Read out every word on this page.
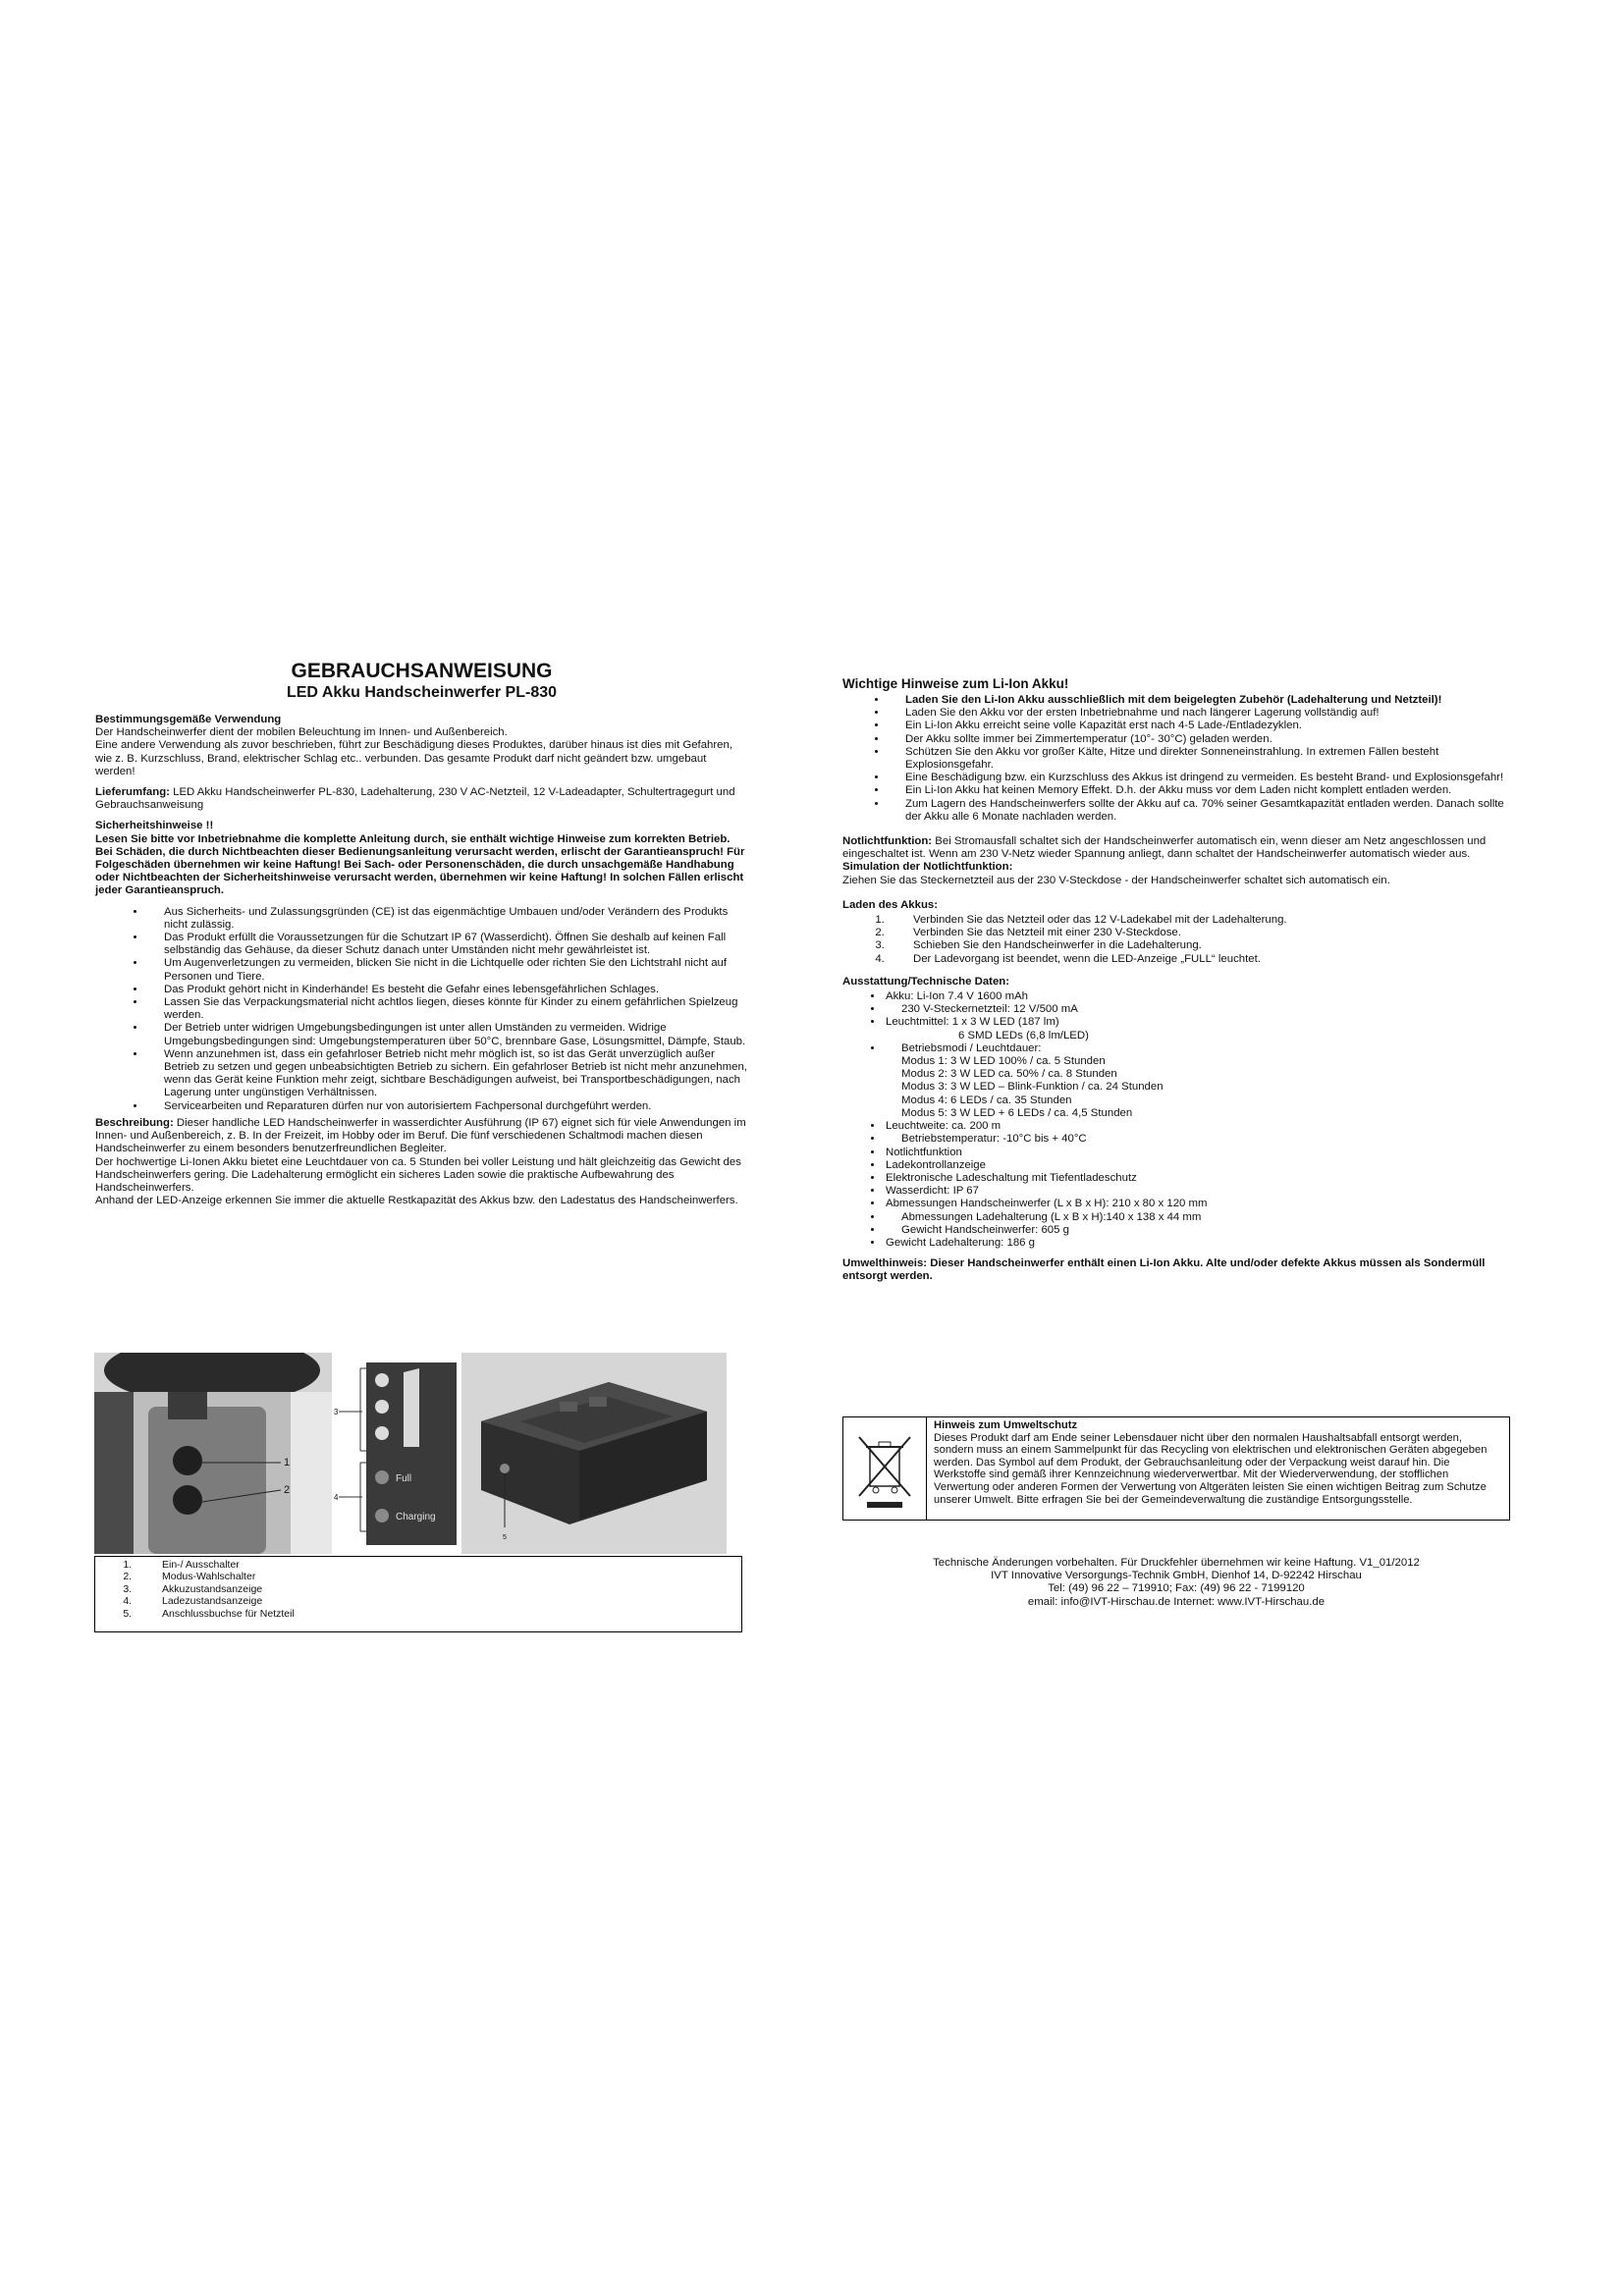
GEBRAUCHSANWEISUNG

LED Akku Handscheinwerfer PL-830

Bestimmungsgemäße Verwendung

Der Handscheinwerfer dient der mobilen Beleuchtung im Innen- und Außenbereich.

Eine andere Verwendung als zuvor beschrieben, führt zur Beschädigung dieses Produktes, darüber hinaus ist dies mit Gefahren, wie z. B. Kurzschluss, Brand, elektrischer Schlag etc.. verbunden. Das gesamte Produkt darf nicht geändert bzw. umgebaut werden!

Lieferumfang: LED Akku Handscheinwerfer PL-830, Ladehalterung, 230 V AC-Netzteil, 12 V-Ladeadapter, Schultertragegurt und Gebrauchsanweisung

Sicherheitshinweise !!

Lesen Sie bitte vor Inbetriebnahme die komplette Anleitung durch, sie enthält wichtige Hinweise zum korrekten Betrieb. Bei Schäden, die durch Nichtbeachten dieser Bedienungsanleitung verursacht werden, erlischt der Garantieanspruch! Für Folgeschäden übernehmen wir keine Haftung! Bei Sach- oder Personenschäden, die durch unsachgemäße Handhabung oder Nichtbeachten der Sicherheitshinweise verursacht werden, übernehmen wir keine Haftung! In solchen Fällen erlischt jeder Garantieanspruch.

• Aus Sicherheits- und Zulassungsgründen (CE) ist das eigenmächtige Umbauen und/oder Verändern des Produkts nicht zulässig.
• Das Produkt erfüllt die Voraussetzungen für die Schutzart IP 67 (Wasserdicht). Öffnen Sie deshalb auf keinen Fall selbständig das Gehäuse, da dieser Schutz danach unter Umständen nicht mehr gewährleistet ist.
• Um Augenverletzungen zu vermeiden, blicken Sie nicht in die Lichtquelle oder richten Sie den Lichtstrahl nicht auf Personen und Tiere.
• Das Produkt gehört nicht in Kinderhände! Es besteht die Gefahr eines lebensgefährlichen Schlages.
• Lassen Sie das Verpackungsmaterial nicht achtlos liegen, dieses könnte für Kinder zu einem gefährlichen Spielzeug werden.
• Der Betrieb unter widrigen Umgebungsbedingungen ist unter allen Umständen zu vermeiden. Widrige Umgebungsbedingungen sind: Umgebungstemperaturen über 50°C, brennbare Gase, Lösungsmittel, Dämpfe, Staub.
• Wenn anzunehmen ist, dass ein gefahrloser Betrieb nicht mehr möglich ist, so ist das Gerät unverzüglich außer Betrieb zu setzen und gegen unbeabsichtigten Betrieb zu sichern. Ein gefahrloser Betrieb ist nicht mehr anzunehmen, wenn das Gerät keine Funktion mehr zeigt, sichtbare Beschädigungen aufweist, bei Transportbeschädigungen, nach Lagerung unter ungünstigen Verhältnissen.
• Servicearbeiten und Reparaturen dürfen nur von autorisiertem Fachpersonal durchgeführt werden.

Beschreibung: Dieser handliche LED Handscheinwerfer in wasserdichter Ausführung (IP 67) eignet sich für viele Anwendungen im Innen- und Außenbereich, z. B. In der Freizeit, im Hobby oder im Beruf. Die fünf verschiedenen Schaltmodi machen diesen Handscheinwerfer zu einem besonders benutzerfreundlichen Begleiter.

Der hochwertige Li-Ionen Akku bietet eine Leuchtdauer von ca. 5 Stunden bei voller Leistung und hält gleichzeitig das Gewicht des Handscheinwerfers gering. Die Ladehalterung ermöglicht ein sicheres Laden sowie die praktische Aufbewahrung des Handscheinwerfers.

Anhand der LED-Anzeige erkennen Sie immer die aktuelle Restkapazität des Akkus bzw. den Ladestatus des Handscheinwerfers.

1
2
3
4
Full
Charging
5
1. Ein-/ Ausschalter
2. Modus-Wahlschalter
3. Akkuzustandsanzeige
4. Ladezustandsanzeige
5. Anschlussbuchse für Netzteil

Wichtige Hinweise zum Li-Ion Akku!

• Laden Sie den Li-Ion Akku ausschließlich mit dem beigelegten Zubehör (Ladehalterung und Netzteil)!
• Laden Sie den Akku vor der ersten Inbetriebnahme und nach längerer Lagerung vollständig auf!
• Ein Li-Ion Akku erreicht seine volle Kapazität erst nach 4-5 Lade-/Entladezyklen.
• Der Akku sollte immer bei Zimmertemperatur (10°- 30°C) geladen werden.
• Schützen Sie den Akku vor großer Kälte, Hitze und direkter Sonneneinstrahlung. In extremen Fällen besteht Explosionsgefahr.
• Eine Beschädigung bzw. ein Kurzschluss des Akkus ist dringend zu vermeiden. Es besteht Brand- und Explosionsgefahr!
• Ein Li-Ion Akku hat keinen Memory Effekt. D.h. der Akku muss vor dem Laden nicht komplett entladen werden.
• Zum Lagern des Handscheinwerfers sollte der Akku auf ca. 70% seiner Gesamtkapazität entladen werden. Danach sollte der Akku alle 6 Monate nachladen werden.

Notlichtfunktion: Bei Stromausfall schaltet sich der Handscheinwerfer automatisch ein, wenn dieser am Netz angeschlossen und eingeschaltet ist. Wenn am 230 V-Netz wieder Spannung anliegt, dann schaltet der Handscheinwerfer automatisch wieder aus.

Simulation der Notlichtfunktion:

Ziehen Sie das Steckernetzteil aus der 230 V-Steckdose - der Handscheinwerfer schaltet sich automatisch ein.

Laden des Akkus:

1. Verbinden Sie das Netzteil oder das 12 V-Ladekabel mit der Ladehalterung.
2. Verbinden Sie das Netzteil mit einer 230 V-Steckdose.
3. Schieben Sie den Handscheinwerfer in die Ladehalterung.
4. Der Ladevorgang ist beendet, wenn die LED-Anzeige „FULL“ leuchtet.

Ausstattung/Technische Daten:

• Akku: Li-Ion 7.4 V 1600 mAh
• 230 V-Steckernetzteil: 12 V/500 mA
• Leuchtmittel: 1 x 3 W LED (187 lm)
6 SMD LEDs (6,8 lm/LED)
• Betriebsmodi / Leuchtdauer:
Modus 1: 3 W LED 100% / ca. 5 Stunden
Modus 2: 3 W LED ca. 50% / ca. 8 Stunden
Modus 3: 3 W LED – Blink-Funktion / ca. 24 Stunden
Modus 4: 6 LEDs / ca. 35 Stunden
Modus 5: 3 W LED + 6 LEDs / ca. 4,5 Stunden
• Leuchtweite: ca. 200 m
• Betriebstemperatur: -10°C bis + 40°C
• Notlichtfunktion
• Ladekontrollanzeige
• Elektronische Ladeschaltung mit Tiefentladeschutz
• Wasserdicht: IP 67
• Abmessungen Handscheinwerfer (L x B x H): 210 x 80 x 120 mm
• Abmessungen Ladehalterung (L x B x H):140 x 138 x 44 mm
• Gewicht Handscheinwerfer: 605 g
• Gewicht Ladehalterung: 186 g

Umwelthinweis: Dieser Handscheinwerfer enthält einen Li-Ion Akku. Alte und/oder defekte Akkus müssen als Sondermüll entsorgt werden.

Hinweis zum Umweltschutz

Dieses Produkt darf am Ende seiner Lebensdauer nicht über den normalen Haushaltsabfall entsorgt werden, sondern muss an einem Sammelpunkt für das Recycling von elektrischen und elektronischen Geräten abgegeben werden. Das Symbol auf dem Produkt, der Gebrauchsanleitung oder der Verpackung weist darauf hin. Die Werkstoffe sind gemäß ihrer Kennzeichnung wiederverwertbar. Mit der Wiederverwendung, der stofflichen Verwertung oder anderen Formen der Verwertung von Altgeräten leisten Sie einen wichtigen Beitrag zum Schutze unserer Umwelt. Bitte erfragen Sie bei der Gemeindeverwaltung die zuständige Entsorgungsstelle.

Technische Änderungen vorbehalten. Für Druckfehler übernehmen wir keine Haftung. V1_01/2012
IVT Innovative Versorgungs-Technik GmbH, Dienhof 14, D-92242 Hirschau
Tel: (49) 96 22 – 719910; Fax: (49) 96 22 - 7199120
email: info@IVT-Hirschau.de Internet: www.IVT-Hirschau.de
